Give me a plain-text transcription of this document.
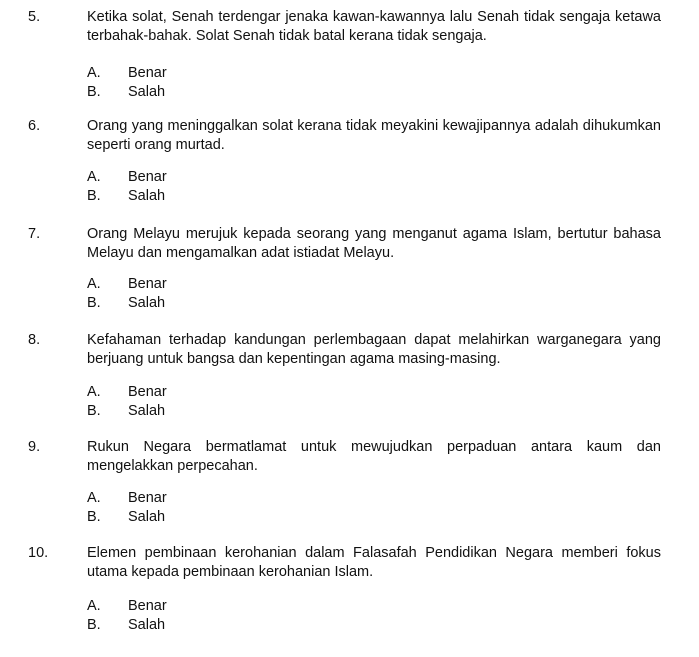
5.	Ketika solat, Senah terdengar jenaka kawan-kawannya lalu Senah tidak sengaja ketawa terbahak-bahak. Solat Senah tidak batal kerana tidak sengaja.
A. Benar
B. Salah
6.	Orang yang meninggalkan solat kerana tidak meyakini kewajipannya adalah dihukumkan seperti orang murtad.
A. Benar
B. Salah
7.	Orang Melayu merujuk kepada seorang yang menganut agama Islam, bertutur bahasa Melayu dan mengamalkan adat istiadat Melayu.
A. Benar
B. Salah
8.	Kefahaman terhadap kandungan perlembagaan dapat melahirkan warganegara yang berjuang untuk bangsa dan kepentingan agama masing-masing.
A. Benar
B. Salah
9.	Rukun Negara bermatlamat untuk mewujudkan perpaduan antara kaum dan mengelakkan perpecahan.
A. Benar
B. Salah
10.	Elemen pembinaan kerohanian dalam Falasafah Pendidikan Negara memberi fokus utama kepada pembinaan kerohanian Islam.
A. Benar
B. Salah
